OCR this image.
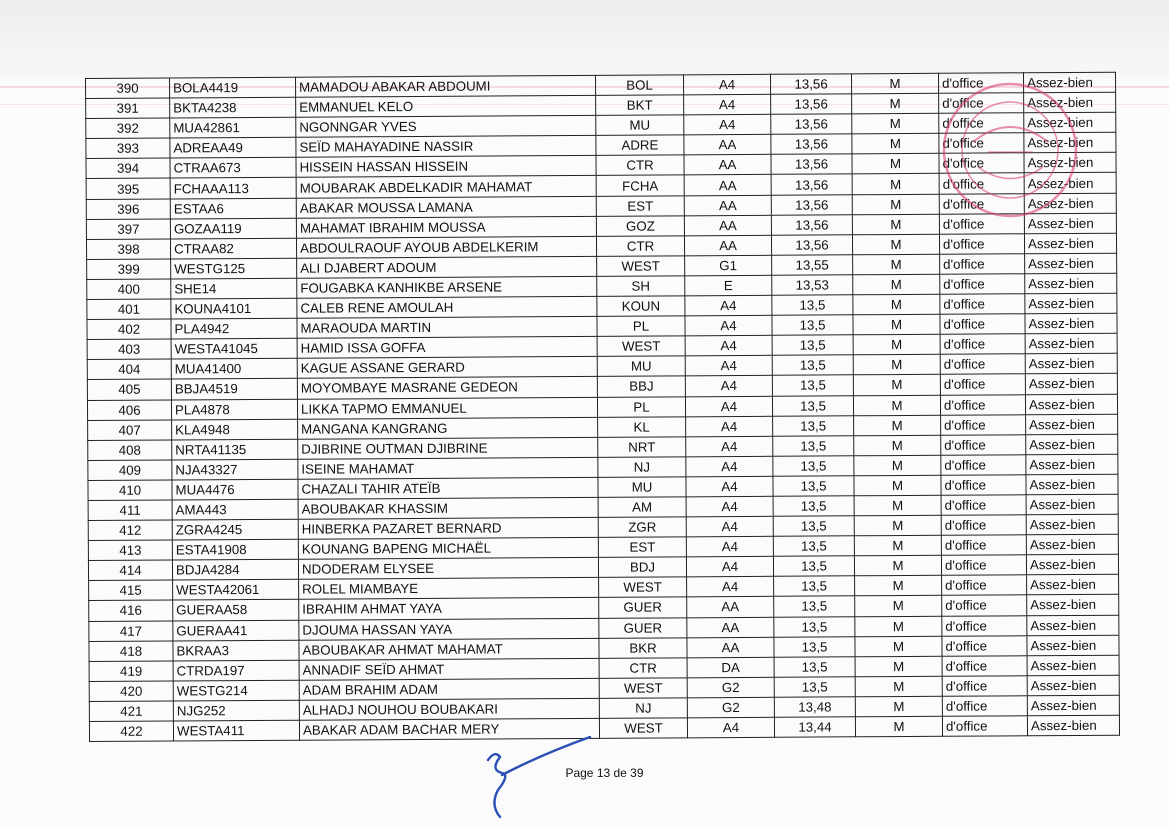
390	BOLA4419	MAMADOU ABAKAR ABDOUMI	BOL	A4	13,56	M	d'office	Assez-bien
391	BKTA4238	EMMANUEL KELO	BKT	A4	13,56	M	d'office	Assez-bien
392	MUA42861	NGONNGAR YVES	MU	A4	13,56	M	d'office	Assez-bien
393	ADREAA49	SEÏD MAHAYADINE NASSIR	ADRE	AA	13,56	M	d'office	Assez-bien
394	CTRAA673	HISSEIN HASSAN HISSEIN	CTR	AA	13,56	M	d'office	Assez-bien
395	FCHAAA113	MOUBARAK ABDELKADIR MAHAMAT	FCHA	AA	13,56	M	d'office	Assez-bien
396	ESTAA6	ABAKAR MOUSSA LAMANA	EST	AA	13,56	M	d'office	Assez-bien
397	GOZAA119	MAHAMAT IBRAHIM MOUSSA	GOZ	AA	13,56	M	d'office	Assez-bien
398	CTRAA82	ABDOULRAOUF AYOUB ABDELKERIM	CTR	AA	13,56	M	d'office	Assez-bien
399	WESTG125	ALI DJABERT ADOUM	WEST	G1	13,55	M	d'office	Assez-bien
400	SHE14	FOUGABKA KANHIKBE ARSENE	SH	E	13,53	M	d'office	Assez-bien
401	KOUNA4101	CALEB RENE AMOULAH	KOUN	A4	13,5	M	d'office	Assez-bien
402	PLA4942	MARAOUDA MARTIN	PL	A4	13,5	M	d'office	Assez-bien
403	WESTA41045	HAMID ISSA GOFFA	WEST	A4	13,5	M	d'office	Assez-bien
404	MUA41400	KAGUE ASSANE GERARD	MU	A4	13,5	M	d'office	Assez-bien
405	BBJA4519	MOYOMBAYE MASRANE GEDEON	BBJ	A4	13,5	M	d'office	Assez-bien
406	PLA4878	LIKKA TAPMO EMMANUEL	PL	A4	13,5	M	d'office	Assez-bien
407	KLA4948	MANGANA KANGRANG	KL	A4	13,5	M	d'office	Assez-bien
408	NRTA41135	DJIBRINE OUTMAN DJIBRINE	NRT	A4	13,5	M	d'office	Assez-bien
409	NJA43327	ISEINE MAHAMAT	NJ	A4	13,5	M	d'office	Assez-bien
410	MUA4476	CHAZALI TAHIR ATEÏB	MU	A4	13,5	M	d'office	Assez-bien
411	AMA443	ABOUBAKAR KHASSIM	AM	A4	13,5	M	d'office	Assez-bien
412	ZGRA4245	HINBERKA PAZARET BERNARD	ZGR	A4	13,5	M	d'office	Assez-bien
413	ESTA41908	KOUNANG BAPENG MICHAËL	EST	A4	13,5	M	d'office	Assez-bien
414	BDJA4284	NDODERAM ELYSEE	BDJ	A4	13,5	M	d'office	Assez-bien
415	WESTA42061	ROLEL MIAMBAYE	WEST	A4	13,5	M	d'office	Assez-bien
416	GUERAA58	IBRAHIM AHMAT YAYA	GUER	AA	13,5	M	d'office	Assez-bien
417	GUERAA41	DJOUMA HASSAN YAYA	GUER	AA	13,5	M	d'office	Assez-bien
418	BKRAA3	ABOUBAKAR AHMAT MAHAMAT	BKR	AA	13,5	M	d'office	Assez-bien
419	CTRDA197	ANNADIF SEÏD AHMAT	CTR	DA	13,5	M	d'office	Assez-bien
420	WESTG214	ADAM BRAHIM ADAM	WEST	G2	13,5	M	d'office	Assez-bien
421	NJG252	ALHADJ NOUHOU BOUBAKARI	NJ	G2	13,48	M	d'office	Assez-bien
422	WESTA411	ABAKAR ADAM BACHAR MERY	WEST	A4	13,44	M	d'office	Assez-bien
Page 13 de 39
